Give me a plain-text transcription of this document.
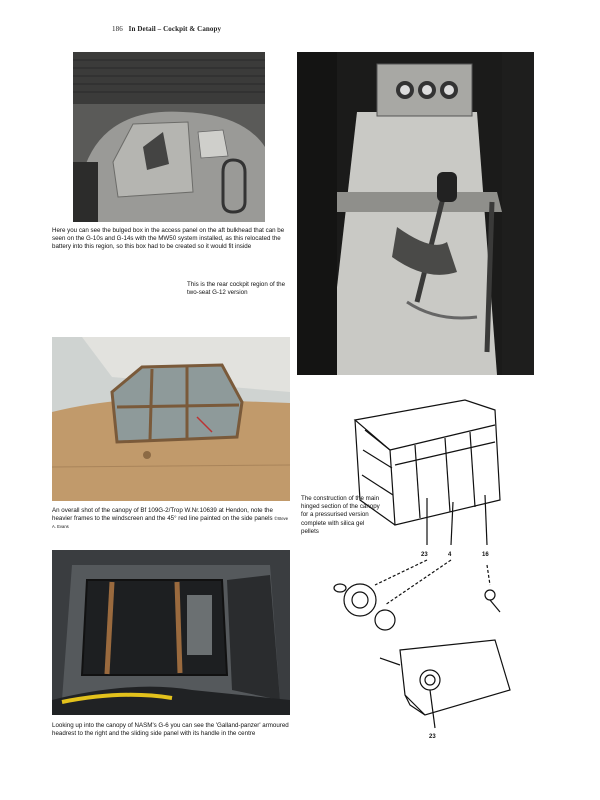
186 In Detail – Cockpit & Canopy
Here you can see the bulged box in the access panel on the aft bulkhead that can be seen on the G-10s and G-14s with the MW50 system installed, as this relocated the battery into this region, so this box had to be created so it would fit inside
This is the rear cockpit region of the two-seat G-12 version
An overall shot of the canopy of Bf 109G-2/Trop W.Nr.10639 at Hendon, note the heavier frames to the windscreen and the 45° red line painted on the side panels ©Steve A. Evans
Looking up into the canopy of NASM's G-6 you can see the 'Galland-panzer' armoured headrest to the right and the sliding side panel with its handle in the centre
The construction of the main hinged section of the canopy for a pressurised version complete with silica gel pellets
23	4	16
23
